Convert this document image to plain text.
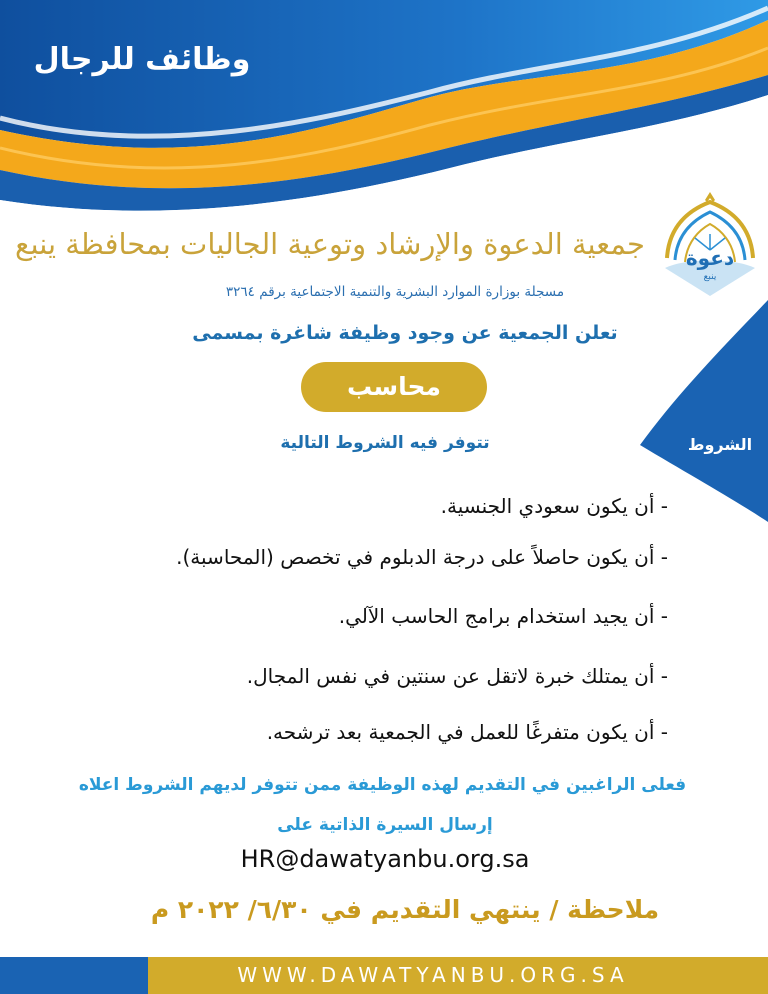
وظائف للرجال
دعوة
ينبع
جمعية الدعوة والإرشاد وتوعية الجاليات بمحافظة ينبع
مسجلة بوزارة الموارد البشرية والتنمية الاجتماعية برقم ٣٢٦٤
تعلن الجمعية عن وجود وظيفة شاغرة بمسمى
محاسب
تتوفر فيه الشروط التالية	الشروط
- أن يكون سعودي الجنسية.
- أن يكون حاصلاً على درجة الدبلوم في تخصص (المحاسبة).
- أن يجيد استخدام برامج الحاسب الآلي.
- أن يمتلك خبرة لاتقل عن سنتين في نفس المجال.
- أن يكون متفرغًا للعمل في الجمعية بعد ترشحه.
فعلى الراغبين في التقديم لهذه الوظيفة ممن تتوفر لديهم الشروط اعلاه
إرسال السيرة الذاتية على
HR@dawatyanbu.org.sa
ملاحظة / ينتهي التقديم في ٦/٣٠/ ٢٠٢٢ م
WWW.DAWATYANBU.ORG.SA
